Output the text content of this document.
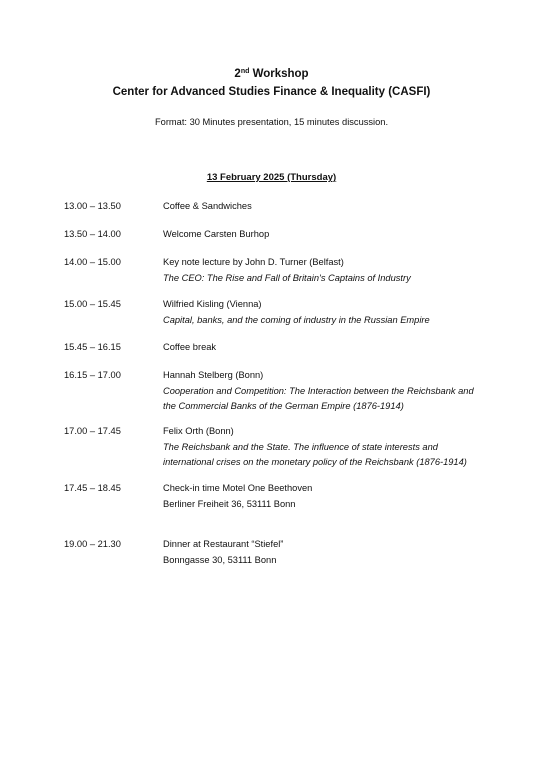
2nd Workshop
Center for Advanced Studies Finance & Inequality (CASFI)
Format: 30 Minutes presentation, 15 minutes discussion.
13 February 2025 (Thursday)
13.00 – 13.50	Coffee & Sandwiches
13.50 – 14.00	Welcome Carsten Burhop
14.00 – 15.00	Key note lecture by John D. Turner (Belfast)
The CEO: The Rise and Fall of Britain's Captains of Industry
15.00 – 15.45	Wilfried Kisling (Vienna)
Capital, banks, and the coming of industry in the Russian Empire
15.45 – 16.15	Coffee break
16.15 – 17.00	Hannah Stelberg (Bonn)
Cooperation and Competition: The Interaction between the Reichsbank and
the Commercial Banks of the German Empire (1876-1914)
17.00 – 17.45	Felix Orth (Bonn)
The Reichsbank and the State. The influence of state interests and
international crises on the monetary policy of the Reichsbank (1876-1914)
17.45 – 18.45	Check-in time Motel One Beethoven
Berliner Freiheit 36, 53111 Bonn
19.00 – 21.30	Dinner at Restaurant “Stiefel”
Bonngasse 30, 53111 Bonn
